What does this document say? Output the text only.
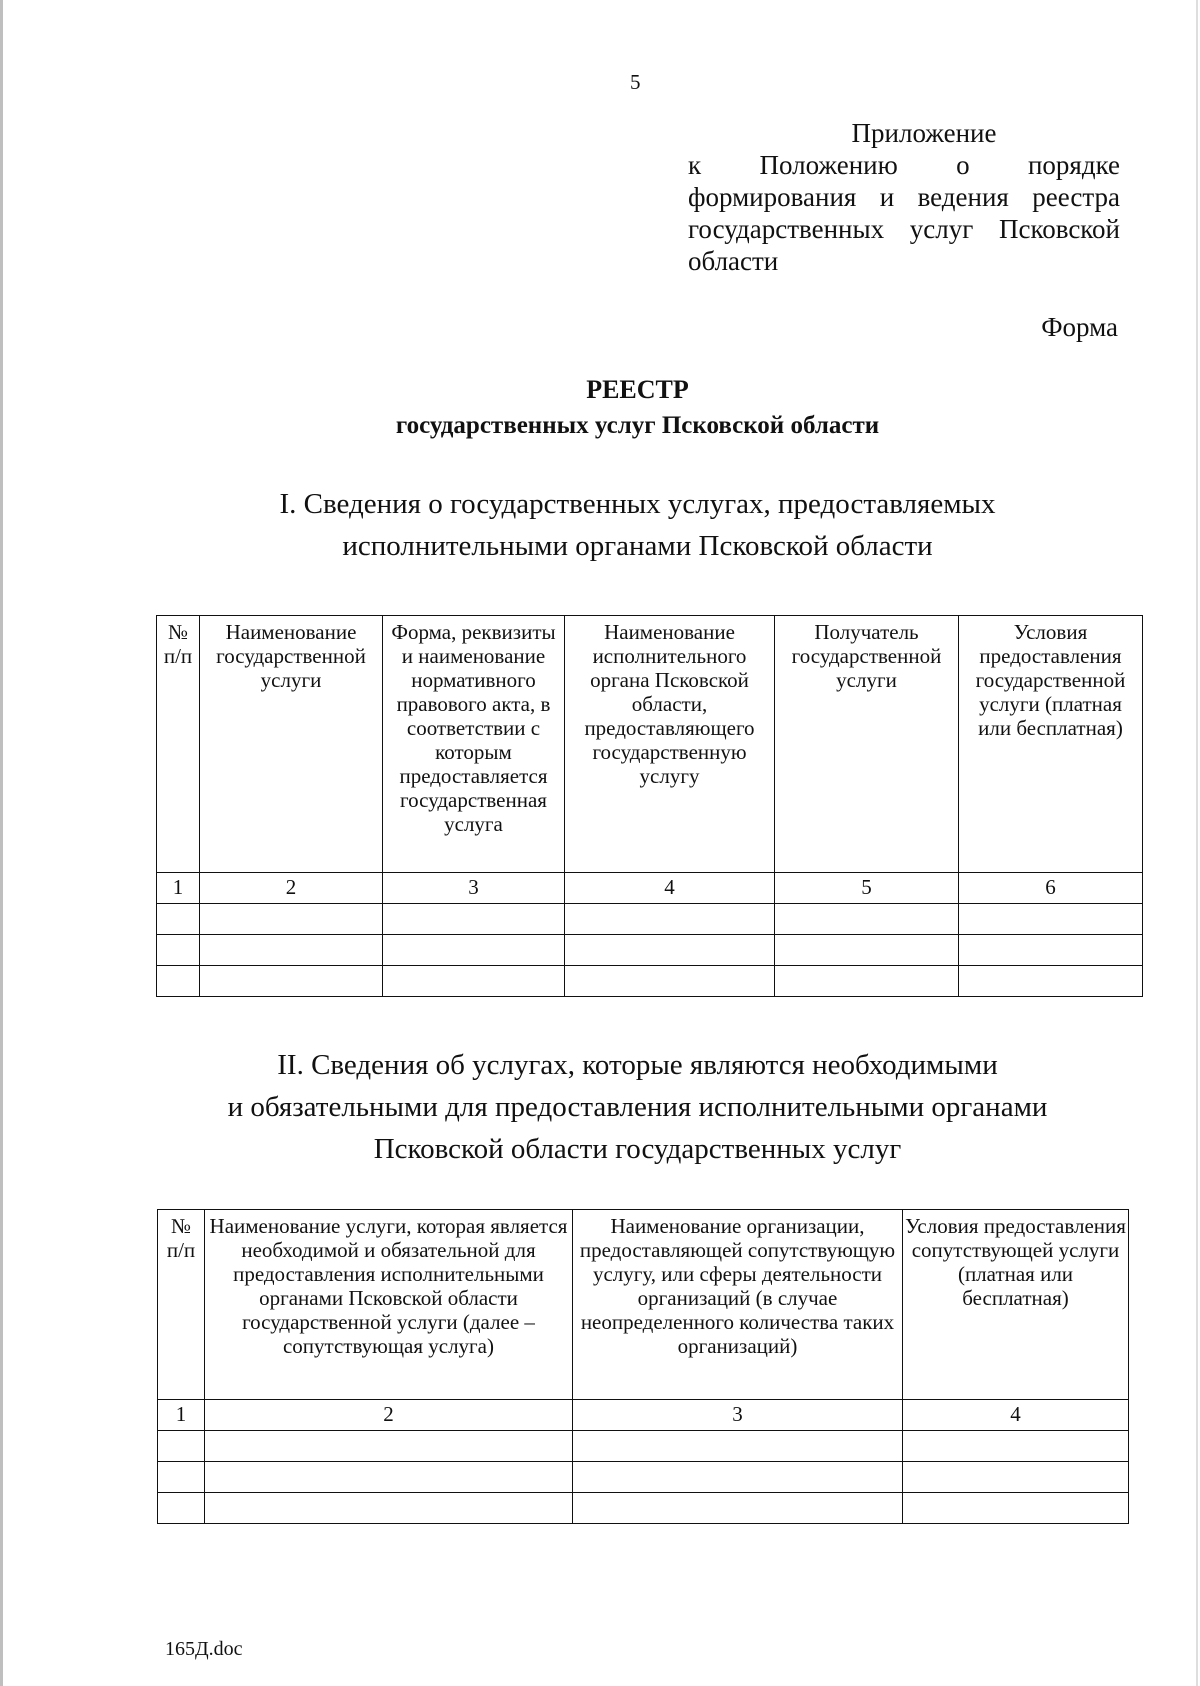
5
Приложение
к Положению о порядке
формирования и ведения реестра
государственных услуг Псковской
области
Форма
РЕЕСТР
государственных услуг Псковской области
I. Сведения о государственных услугах, предоставляемых
исполнительными органами Псковской области
№ п/п	Наименование государственной услуги	Форма, реквизиты и наименование нормативного правового акта, в соответствии с которым предоставляется государственная услуга	Наименование исполнительного органа Псковской области, предоставляющего государственную услугу	Получатель государственной услуги	Условия предоставления государственной услуги (платная или бесплатная)
1	2	3	4	5	6

II. Сведения об услугах, которые являются необходимыми
и обязательными для предоставления исполнительными органами
Псковской области государственных услуг
№ п/п	Наименование услуги, которая является необходимой и обязательной для предоставления исполнительными органами Псковской области государственной услуги (далее – сопутствующая услуга)	Наименование организации, предоставляющей сопутствующую услугу, или сферы деятельности организаций (в случае неопределенного количества таких организаций)	Условия предоставления сопутствующей услуги (платная или бесплатная)
1	2	3	4

165Д.doc
